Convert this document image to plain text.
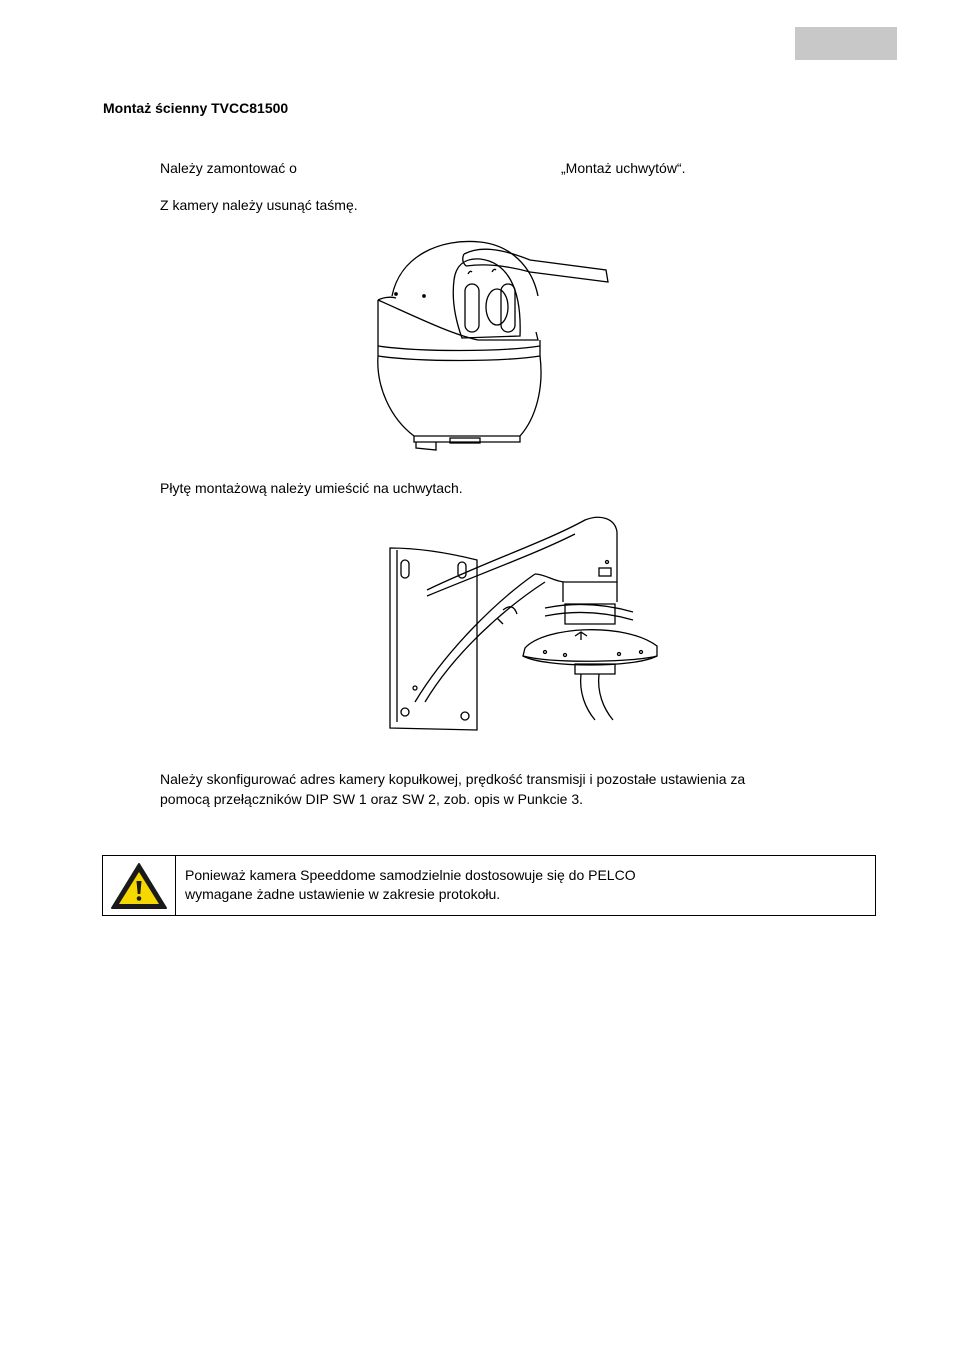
Montaż ścienny TVCC81500
Należy zamontować o	„Montaż uchwytów“.
Z kamery należy usunąć taśmę.
Płytę montażową należy umieścić na uchwytach.
Należy skonfigurować adres kamery kopułkowej, prędkość transmisji i pozostałe ustawienia za
pomocą przełączników DIP SW 1 oraz SW 2, zob. opis w Punkcie 3.
Ponieważ kamera Speeddome samodzielnie dostosowuje się do PELCO
wymagane żadne ustawienie w zakresie protokołu.
